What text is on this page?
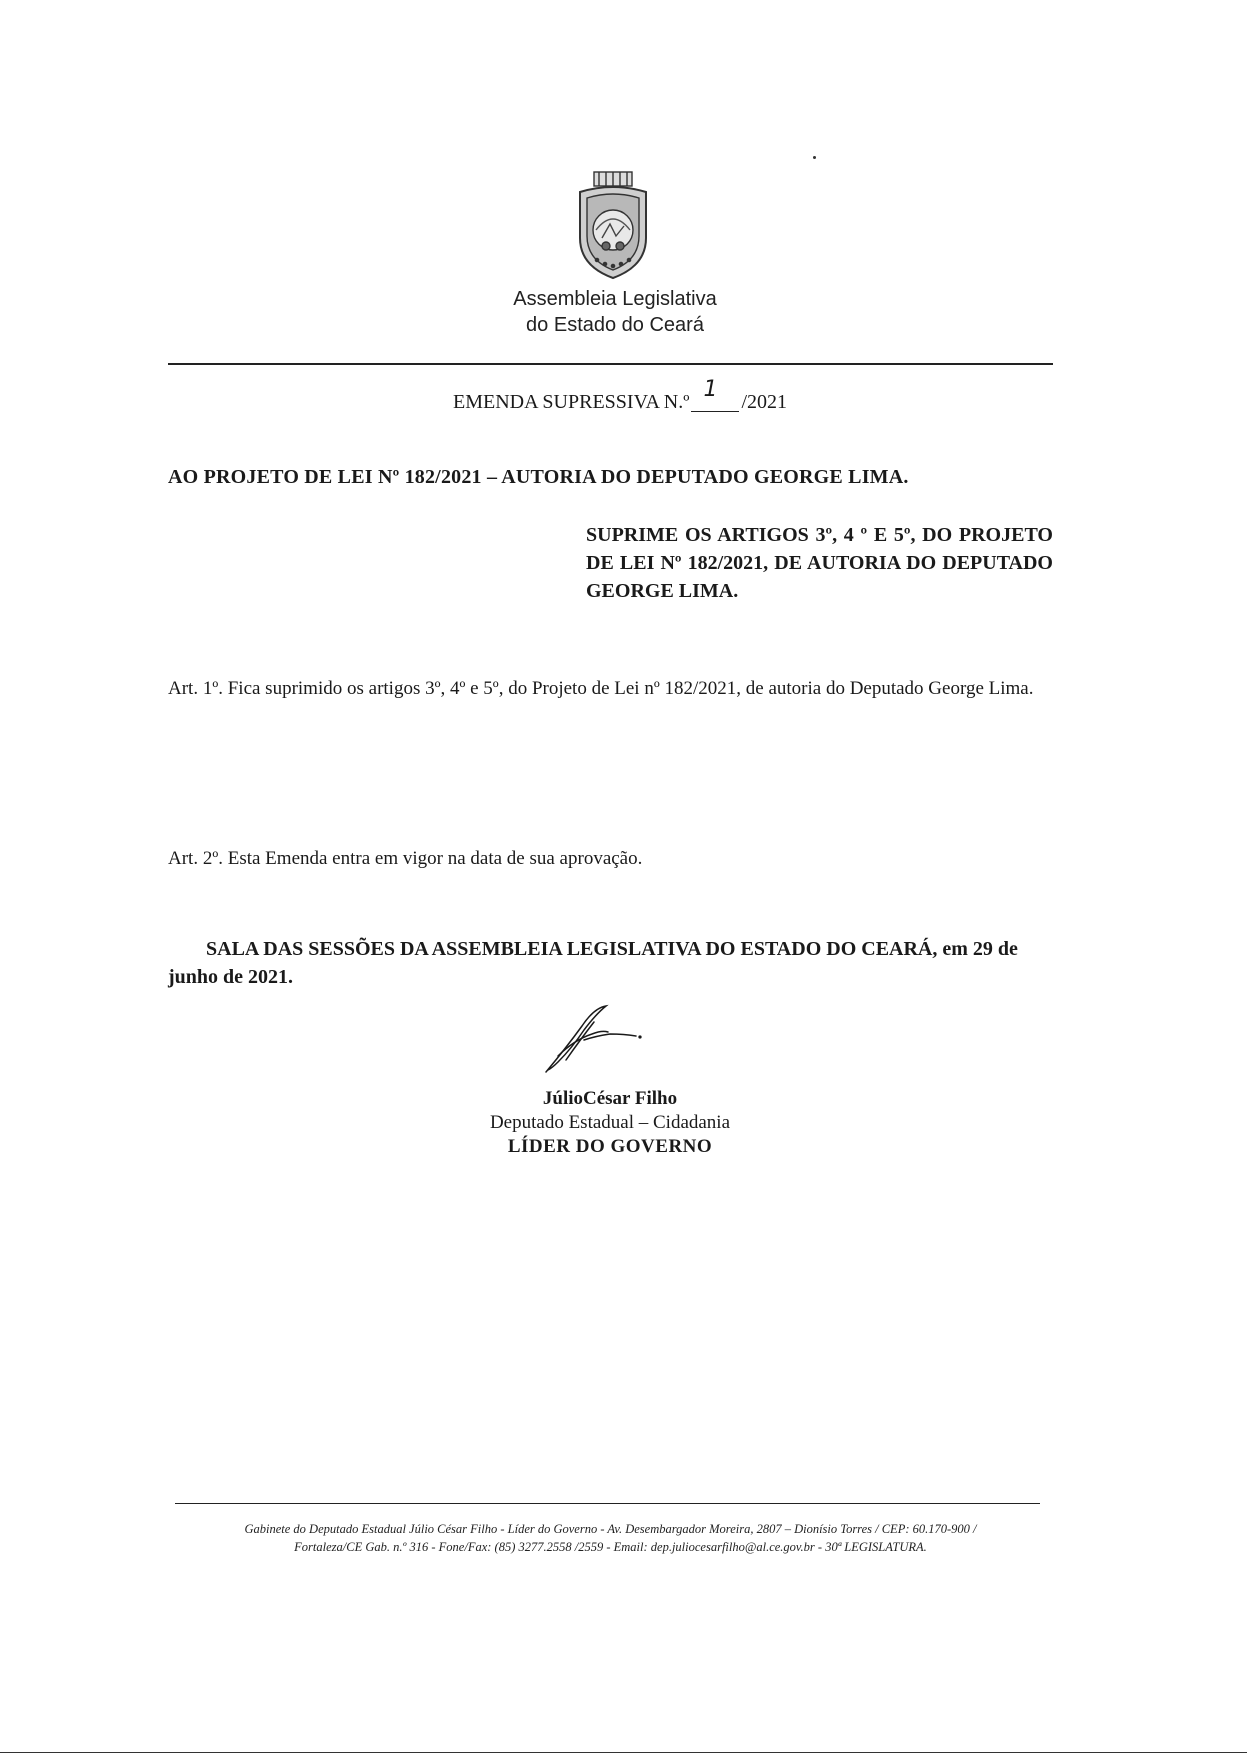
Assembleia Legislativa
do Estado do Ceará
EMENDA SUPRESSIVA N.º 1 /2021
AO PROJETO DE LEI Nº 182/2021 – AUTORIA DO DEPUTADO GEORGE LIMA.
SUPRIME OS ARTIGOS 3º, 4 º E 5º, DO PROJETO DE LEI Nº 182/2021, DE AUTORIA DO DEPUTADO GEORGE LIMA.
Art. 1º. Fica suprimido os artigos 3º, 4º e 5º, do Projeto de Lei nº 182/2021, de autoria do Deputado George Lima.
Art. 2º. Esta Emenda entra em vigor na data de sua aprovação.
SALA DAS SESSÕES DA ASSEMBLEIA LEGISLATIVA DO ESTADO DO CEARÁ, em 29 de junho de 2021.
JúlioCésar Filho
Deputado Estadual – Cidadania
LÍDER DO GOVERNO
Gabinete do Deputado Estadual Júlio César Filho - Líder do Governo - Av. Desembargador Moreira, 2807 – Dionísio Torres / CEP: 60.170-900 /
Fortaleza/CE Gab. n.º 316 - Fone/Fax: (85) 3277.2558 /2559 - Email: dep.juliocesarfilho@al.ce.gov.br - 30ª LEGISLATURA.
